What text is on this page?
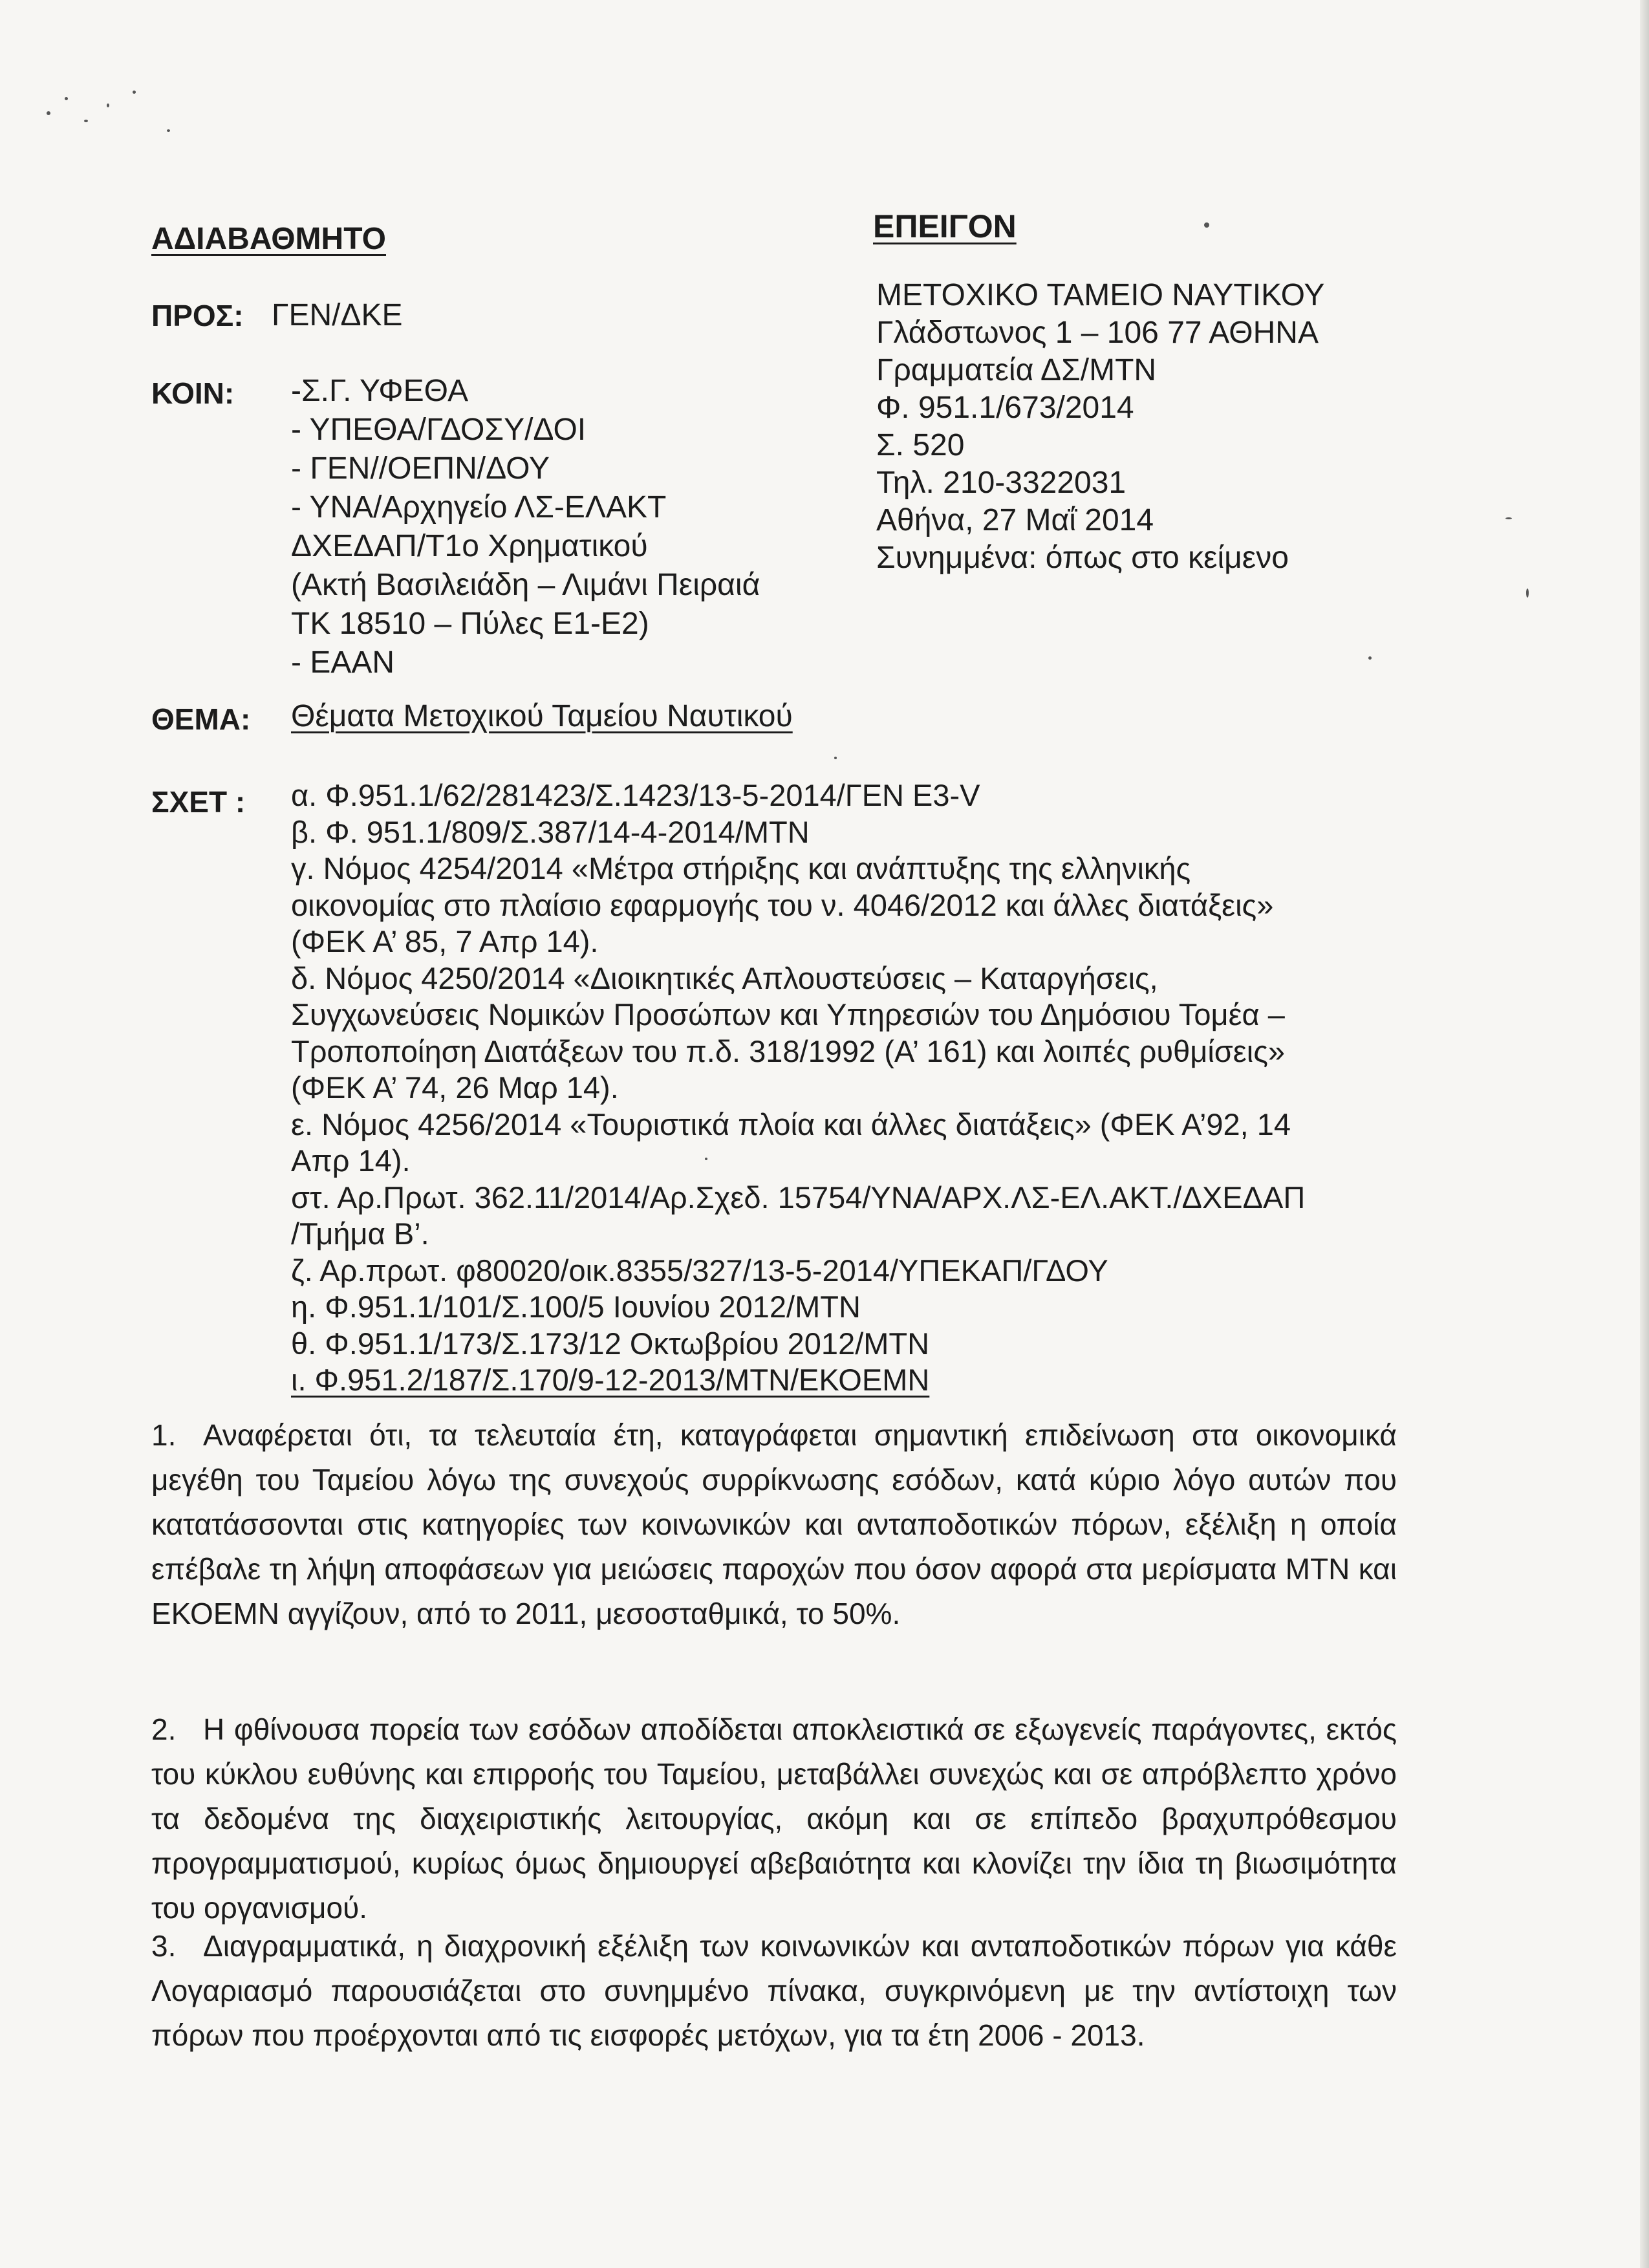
ΑΔΙΑΒΑΘΜΗΤΟ	ΕΠΕΙΓΟΝ
ΠΡΟΣ: ΓΕΝ/ΔΚΕ
ΚΟΙΝ: -Σ.Γ. ΥΦΕΘΑ
- ΥΠΕΘΑ/ΓΔΟΣΥ/ΔΟΙ
- ΓΕΝ//ΟΕΠΝ/ΔΟΥ
- ΥΝΑ/Αρχηγείο ΛΣ-ΕΛΑΚΤ
ΔΧΕΔΑΠ/Τ1ο Χρηματικού
(Ακτή Βασιλειάδη – Λιμάνι Πειραιά
ΤΚ 18510 – Πύλες Ε1-Ε2)
- ΕΑΑΝ
ΜΕΤΟΧΙΚΟ ΤΑΜΕΙΟ ΝΑΥΤΙΚΟΥ
Γλάδστωνος 1 – 106 77 ΑΘΗΝΑ
Γραμματεία ΔΣ/ΜΤΝ
Φ. 951.1/673/2014
Σ. 520
Τηλ. 210-3322031
Αθήνα, 27 Μαΐ 2014
Συνημμένα: όπως στο κείμενο
ΘΕΜΑ: Θέματα Μετοχικού Ταμείου Ναυτικού
ΣΧΕΤ : α. Φ.951.1/62/281423/Σ.1423/13-5-2014/ΓΕΝ Ε3-V
β. Φ. 951.1/809/Σ.387/14-4-2014/ΜΤΝ
γ. Νόμος 4254/2014 «Μέτρα στήριξης και ανάπτυξης της ελληνικής
οικονομίας στο πλαίσιο εφαρμογής του ν. 4046/2012 και άλλες διατάξεις»
(ΦΕΚ Α’ 85, 7 Απρ 14).
δ. Νόμος 4250/2014 «Διοικητικές Απλουστεύσεις – Καταργήσεις,
Συγχωνεύσεις Νομικών Προσώπων και Υπηρεσιών του Δημόσιου Τομέα –
Τροποποίηση Διατάξεων του π.δ. 318/1992 (Α’ 161) και λοιπές ρυθμίσεις»
(ΦΕΚ Α’ 74, 26 Μαρ 14).
ε. Νόμος 4256/2014 «Τουριστικά πλοία και άλλες διατάξεις» (ΦΕΚ Α’92, 14
Απρ 14).
στ. Αρ.Πρωτ. 362.11/2014/Αρ.Σχεδ. 15754/ΥΝΑ/ΑΡΧ.ΛΣ-ΕΛ.ΑΚΤ./ΔΧΕΔΑΠ
/Τμήμα Β’.
ζ. Αρ.πρωτ. φ80020/οικ.8355/327/13-5-2014/ΥΠΕΚΑΠ/ΓΔΟΥ
η. Φ.951.1/101/Σ.100/5 Ιουνίου 2012/ΜΤΝ
θ. Φ.951.1/173/Σ.173/12 Οκτωβρίου 2012/ΜΤΝ
ι. Φ.951.2/187/Σ.170/9-12-2013/ΜΤΝ/ΕΚΟΕΜΝ
1. Αναφέρεται ότι, τα τελευταία έτη, καταγράφεται σημαντική επιδείνωση στα οικονομικά μεγέθη του Ταμείου λόγω της συνεχούς συρρίκνωσης εσόδων, κατά κύριο λόγο αυτών που κατατάσσονται στις κατηγορίες των κοινωνικών και ανταποδοτικών πόρων, εξέλιξη η οποία επέβαλε τη λήψη αποφάσεων για μειώσεις παροχών που όσον αφορά στα μερίσματα ΜΤΝ και ΕΚΟΕΜΝ αγγίζουν, από το 2011, μεσοσταθμικά, το 50%.
2. Η φθίνουσα πορεία των εσόδων αποδίδεται αποκλειστικά σε εξωγενείς παράγοντες, εκτός του κύκλου ευθύνης και επιρροής του Ταμείου, μεταβάλλει συνεχώς και σε απρόβλεπτο χρόνο τα δεδομένα της διαχειριστικής λειτουργίας, ακόμη και σε επίπεδο βραχυπρόθεσμου προγραμματισμού, κυρίως όμως δημιουργεί αβεβαιότητα και κλονίζει την ίδια τη βιωσιμότητα του οργανισμού.
3. Διαγραμματικά, η διαχρονική εξέλιξη των κοινωνικών και ανταποδοτικών πόρων για κάθε Λογαριασμό παρουσιάζεται στο συνημμένο πίνακα, συγκρινόμενη με την αντίστοιχη των πόρων που προέρχονται από τις εισφορές μετόχων, για τα έτη 2006 - 2013.
